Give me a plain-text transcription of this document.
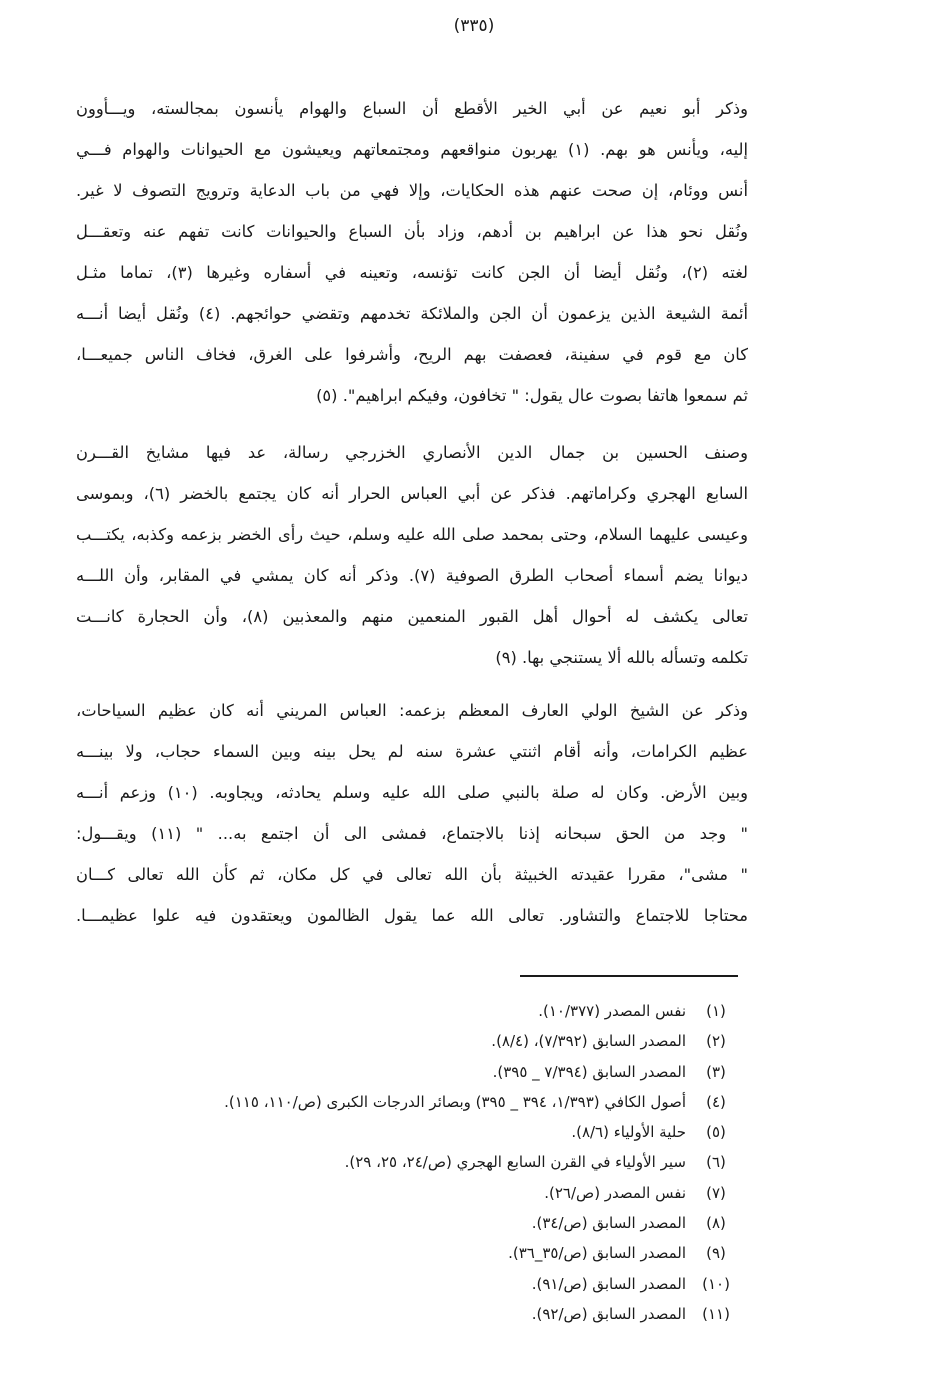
(٣٣٥)

وذكر أبو نعيم عن أبي الخير الأقطع أن السباع والهوام يأنسون بمجالسته، ويـــأوون

إليه، ويأنس هو بهم. (١) يهربون منواقعهم ومجتمعاتهم ويعيشون مع الحيوانات والهوام فـــي

أنس ووئام، إن صحت عنهم هذه الحكايات، وإلا فهي من باب الدعاية وترويج التصوف لا غير.

ونُقل نحو هذا عن ابراهيم بن أدهم، وزاد بأن السباع والحيوانات كانت تفهم عنه وتعقـــل

لغته (٢)، ونُقل أيضا أن الجن كانت تؤنسه، وتعينه في أسفاره وغيرها (٣)، تماما مثـل

أئمة الشيعة الذين يزعمون أن الجن والملائكة تخدمهم وتقضي حوائجهم. (٤) ونُقل أيضا أنـــه

كان مع قوم في سفينة، فعصفت بهم الريح، وأشرفوا على الغرق، فخاف الناس جميعـــا،

ثم سمعوا هاتفا بصوت عال يقول: " تخافون، وفيكم ابراهيم". (٥)

وصنف الحسين بن جمال الدين الأنصاري الخزرجي رسالة، عد فيها مشايخ القـــرن

السابع الهجري وكراماتهم. فذكر عن أبي العباس الحرار أنه كان يجتمع بالخضر (٦)، وبموسى

وعيسى عليهما السلام، وحتى بمحمد صلى الله عليه وسلم، حيث رأى الخضر بزعمه وكذبه، يكتـــب

ديوانا يضم أسماء أصحاب الطرق الصوفية (٧). وذكر أنه كان يمشي في المقابر، وأن اللـــه

تعالى يكشف له أحوال أهل القبور المنعمين منهم والمعذبين (٨)، وأن الحجارة كانـــت

تكلمه وتسأله بالله ألا يستنجي بها. (٩)

وذكر عن الشيخ الولي العارف المعظم بزعمه: العباس المريني أنه كان عظيم السياحات،

عظيم الكرامات، وأنه أقام اثنتي عشرة سنه لم يحل بينه وبين السماء حجاب، ولا بينـــه

وبين الأرض. وكان له صلة بالنبي صلى الله عليه وسلم يحادثه، ويجاوبه. (١٠) وزعم أنـــه

" وجد من الحق سبحانه إذنا بالاجتماع، فمشى الى أن اجتمع به... " (١١) ويقـــول:

" مشى"، مقررا عقيدته الخبيثة بأن الله تعالى في كل مكان، ثم كأن الله تعالى كـــان

محتاجا للاجتماع والتشاور. تعالى الله عما يقول الظالمون ويعتقدون فيه علوا عظيمـــا.

(١)
نفس المصدر (١٠/٣٧٧).
(٢)
المصدر السابق (٧/٣٩٢)، (٨/٤).
(٣)
المصدر السابق (٧/٣٩٤ _ ٣٩٥).
(٤)
أصول الكافي (١/٣٩٣، ٣٩٤ _ ٣٩٥) وبصائر الدرجات الكبرى (ص/١١٠، ١١٥).
(٥)
حلية الأولياء (٨/٦).
(٦)
سير الأولياء في القرن السابع الهجري (ص/٢٤، ٢٥، ٢٩).
(٧)
نفس المصدر (ص/٢٦).
(٨)
المصدر السابق (ص/٣٤).
(٩)
المصدر السابق (ص/٣٥_٣٦).
(١٠)
المصدر السابق (ص/٩١).
(١١)
المصدر السابق (ص/٩٢).
